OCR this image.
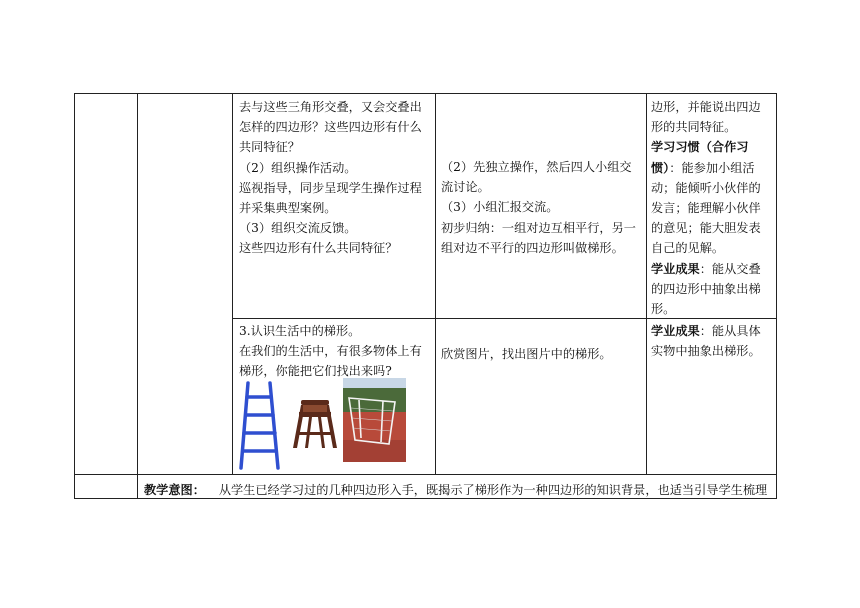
去与这些三角形交叠，又会交叠出

怎样的四边形？这些四边形有什么

共同特征？

（2）组织操作活动。

巡视指导，同步呈现学生操作过程

并采集典型案例。

（3）组织交流反馈。

这些四边形有什么共同特征？

（2）先独立操作，然后四人小组交

流讨论。

（3）小组汇报交流。

初步归纳：一组对边互相平行，另一

组对边不平行的四边形叫做梯形。

边形，并能说出四边

形的共同特征。

学习习惯（合作习

惯）：能参加小组活

动；能倾听小伙伴的

发言；能理解小伙伴

的意见；能大胆发表

自己的见解。

学业成果：能从交叠

的四边形中抽象出梯

形。

3.认识生活中的梯形。

在我们的生活中，有很多物体上有

梯形，你能把它们找出来吗?

欣赏图片，找出图片中的梯形。

学业成果：能从具体

实物中抽象出梯形。

教学意图： 从学生已经学习过的几种四边形入手，既揭示了梯形作为一种四边形的知识背景，也适当引导学生梳理
